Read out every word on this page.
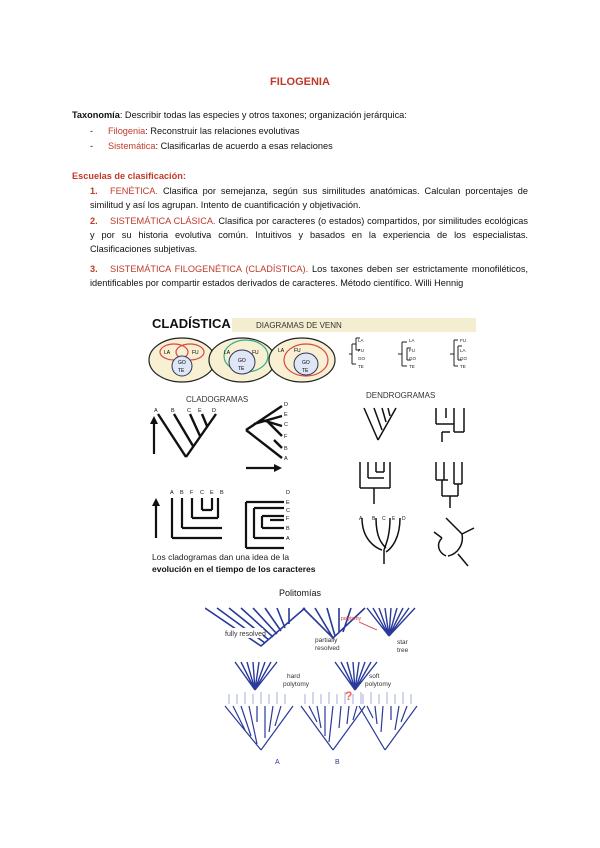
FILOGENIA
Taxonomía: Describir todas las especies y otros taxones; organización jerárquica:
- Filogenia: Reconstruir las relaciones evolutivas
- Sistemática: Clasificarlas de acuerdo a esas relaciones
Escuelas de clasificación:
1. FENÉTICA. Clasifica por semejanza, según sus similitudes anatómicas. Calculan porcentajes de similitud y así los agrupan. Intento de cuantificación y objetivación.
2. SISTEMÁTICA CLÁSICA. Clasifica por caracteres (o estados) compartidos, por similitudes ecológicas y por su historia evolutiva común. Intuitivos y basados en la experiencia de los especialistas. Clasificaciones subjetivas.
3. SISTEMÁTICA FILOGENÉTICA (CLADÍSTICA). Los taxones deben ser estrictamente monofiléticos, identificables por compartir estados derivados de caracteres. Método científico. Willi Hennig
CLADÍSTICA	DIAGRAMAS DE VENN
LA	FU
GO
TE
LA	FU
GO
TE
LA FU
GO
TE
LA
FU
GO
TE
LA
FU
GO
TE
FU
LA
GO
TE
CLADOGRAMAS	DENDROGRAMAS
A B C E D
D
E
C
F
B
A
A B F C E B	D
E
C
F
B
A
Los cladogramas dan una idea de la
evolución en el tiempo de los caracteres
A B C E D
Politomías
fully resolved
polytomy
partially
resolved
star
tree
hard
polytomy
?
soft
polytomy
A	B
